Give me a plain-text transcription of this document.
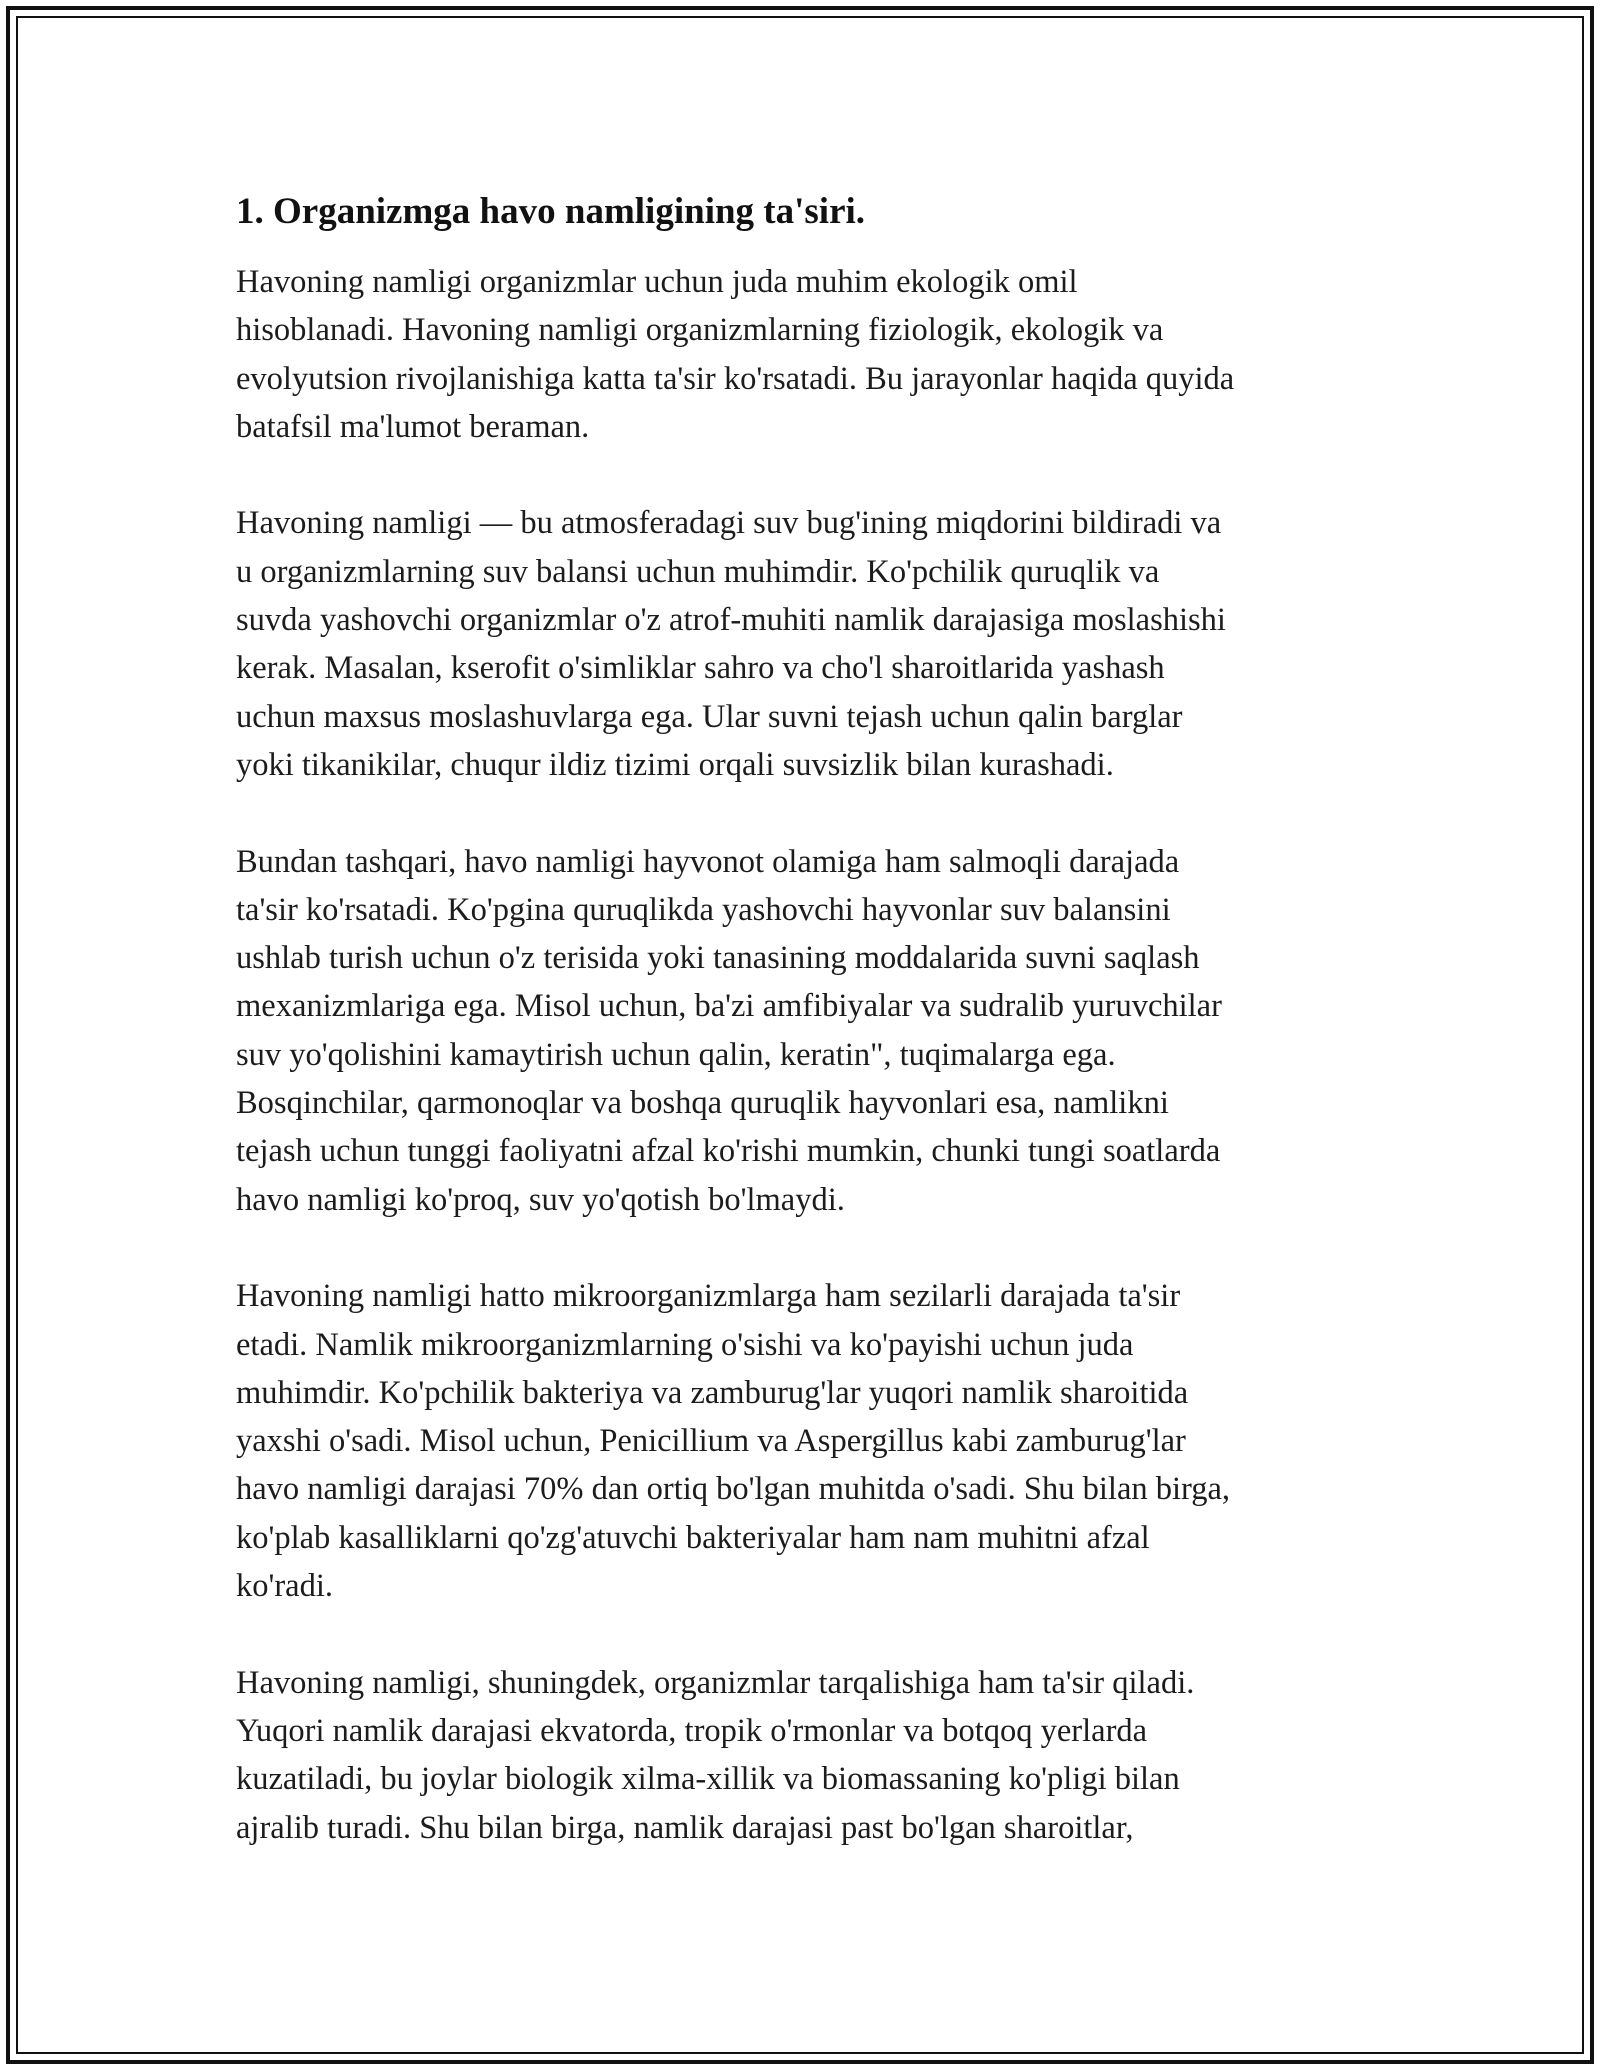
1. Organizmga havo namligining ta'siri.

Havoning namligi organizmlar uchun juda muhim ekologik omil
hisoblanadi. Havoning namligi organizmlarning fiziologik, ekologik va
evolyutsion rivojlanishiga katta ta'sir ko'rsatadi. Bu jarayonlar haqida quyida
batafsil ma'lumot beraman.

Havoning namligi — bu atmosferadagi suv bug'ining miqdorini bildiradi va
u organizmlarning suv balansi uchun muhimdir. Ko'pchilik quruqlik va
suvda yashovchi organizmlar o'z atrof-muhiti namlik darajasiga moslashishi
kerak. Masalan, kserofit o'simliklar sahro va cho'l sharoitlarida yashash
uchun maxsus moslashuvlarga ega. Ular suvni tejash uchun qalin barglar
yoki tikanikilar, chuqur ildiz tizimi orqali suvsizlik bilan kurashadi.

Bundan tashqari, havo namligi hayvonot olamiga ham salmoqli darajada
ta'sir ko'rsatadi. Ko'pgina quruqlikda yashovchi hayvonlar suv balansini
ushlab turish uchun o'z terisida yoki tanasining moddalarida suvni saqlash
mexanizmlariga ega. Misol uchun, ba'zi amfibiyalar va sudralib yuruvchilar
suv yo'qolishini kamaytirish uchun qalin, keratin", tuqimalarga ega.
Bosqinchilar, qarmonoqlar va boshqa quruqlik hayvonlari esa, namlikni
tejash uchun tunggi faoliyatni afzal ko'rishi mumkin, chunki tungi soatlarda
havo namligi ko'proq, suv yo'qotish bo'lmaydi.

Havoning namligi hatto mikroorganizmlarga ham sezilarli darajada ta'sir
etadi. Namlik mikroorganizmlarning o'sishi va ko'payishi uchun juda
muhimdir. Ko'pchilik bakteriya va zamburug'lar yuqori namlik sharoitida
yaxshi o'sadi. Misol uchun, Penicillium va Aspergillus kabi zamburug'lar
havo namligi darajasi 70% dan ortiq bo'lgan muhitda o'sadi. Shu bilan birga,
ko'plab kasalliklarni qo'zg'atuvchi bakteriyalar ham nam muhitni afzal
ko'radi.

Havoning namligi, shuningdek, organizmlar tarqalishiga ham ta'sir qiladi.
Yuqori namlik darajasi ekvatorda, tropik o'rmonlar va botqoq yerlarda
kuzatiladi, bu joylar biologik xilma-xillik va biomassaning ko'pligi bilan
ajralib turadi. Shu bilan birga, namlik darajasi past bo'lgan sharoitlar,
